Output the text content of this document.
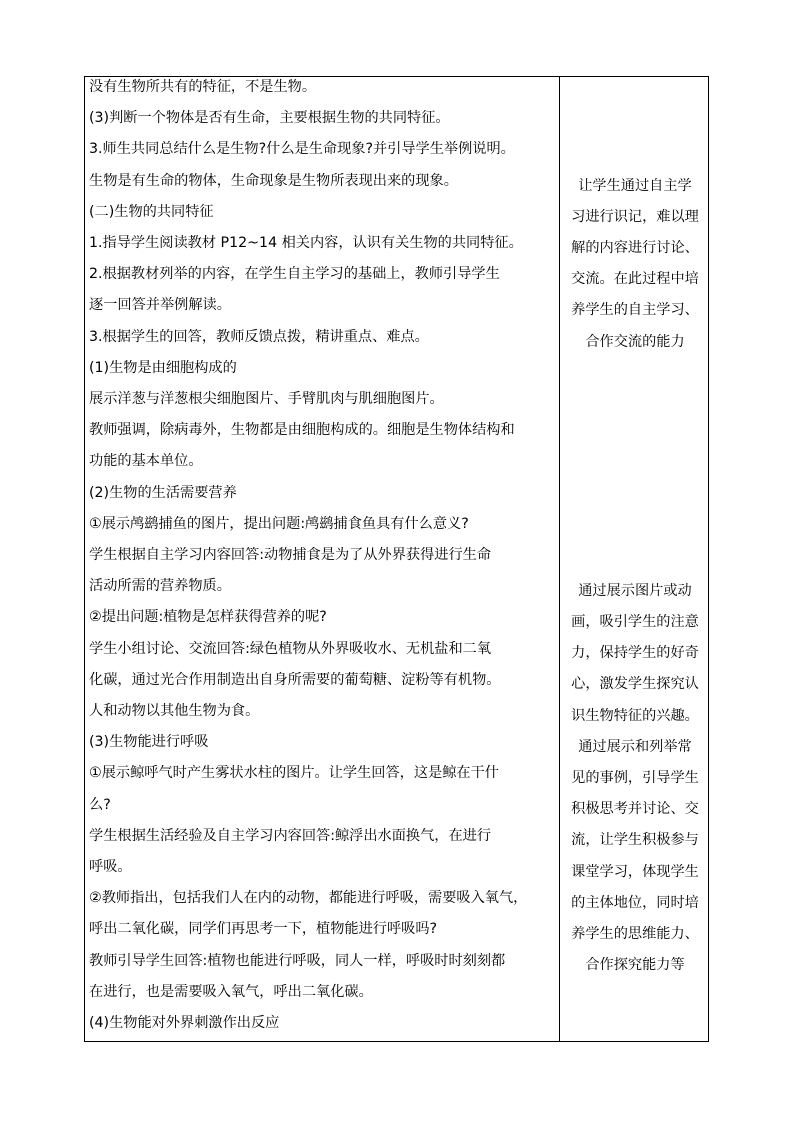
没有生物所共有的特征，不是生物。
(3)判断一个物体是否有生命，主要根据生物的共同特征。
3.师生共同总结什么是生物?什么是生命现象?并引导学生举例说明。
生物是有生命的物体，生命现象是生物所表现出来的现象。
(二)生物的共同特征
1.指导学生阅读教材 P12~14 相关内容，认识有关生物的共同特征。
2.根据教材列举的内容，在学生自主学习的基础上，教师引导学生
逐一回答并举例解读。
3.根据学生的回答，教师反馈点拨，精讲重点、难点。
(1)生物是由细胞构成的
展示洋葱与洋葱根尖细胞图片、手臂肌肉与肌细胞图片。
教师强调，除病毒外，生物都是由细胞构成的。细胞是生物体结构和
功能的基本单位。
(2)生物的生活需要营养
①展示鸬鹚捕鱼的图片，提出问题:鸬鹚捕食鱼具有什么意义?
学生根据自主学习内容回答:动物捕食是为了从外界获得进行生命
活动所需的营养物质。
②提出问题:植物是怎样获得营养的呢?
学生小组讨论、交流回答:绿色植物从外界吸收水、无机盐和二氧
化碳，通过光合作用制造出自身所需要的葡萄糖、淀粉等有机物。
人和动物以其他生物为食。
(3)生物能进行呼吸
①展示鲸呼气时产生雾状水柱的图片。让学生回答，这是鲸在干什
么?
学生根据生活经验及自主学习内容回答:鲸浮出水面换气，在进行
呼吸。
②教师指出，包括我们人在内的动物，都能进行呼吸，需要吸入氧气，
呼出二氧化碳，同学们再思考一下，植物能进行呼吸吗?
教师引导学生回答:植物也能进行呼吸，同人一样，呼吸时时刻刻都
在进行，也是需要吸入氧气，呼出二氧化碳。
(4)生物能对外界刺激作出反应
让学生通过自主学
习进行识记，难以理
解的内容进行讨论、
交流。在此过程中培
养学生的自主学习、
合作交流的能力
通过展示图片或动
画，吸引学生的注意
力，保持学生的好奇
心，激发学生探究认
识生物特征的兴趣。
通过展示和列举常
见的事例，引导学生
积极思考并讨论、交
流，让学生积极参与
课堂学习，体现学生
的主体地位，同时培
养学生的思维能力、
合作探究能力等
